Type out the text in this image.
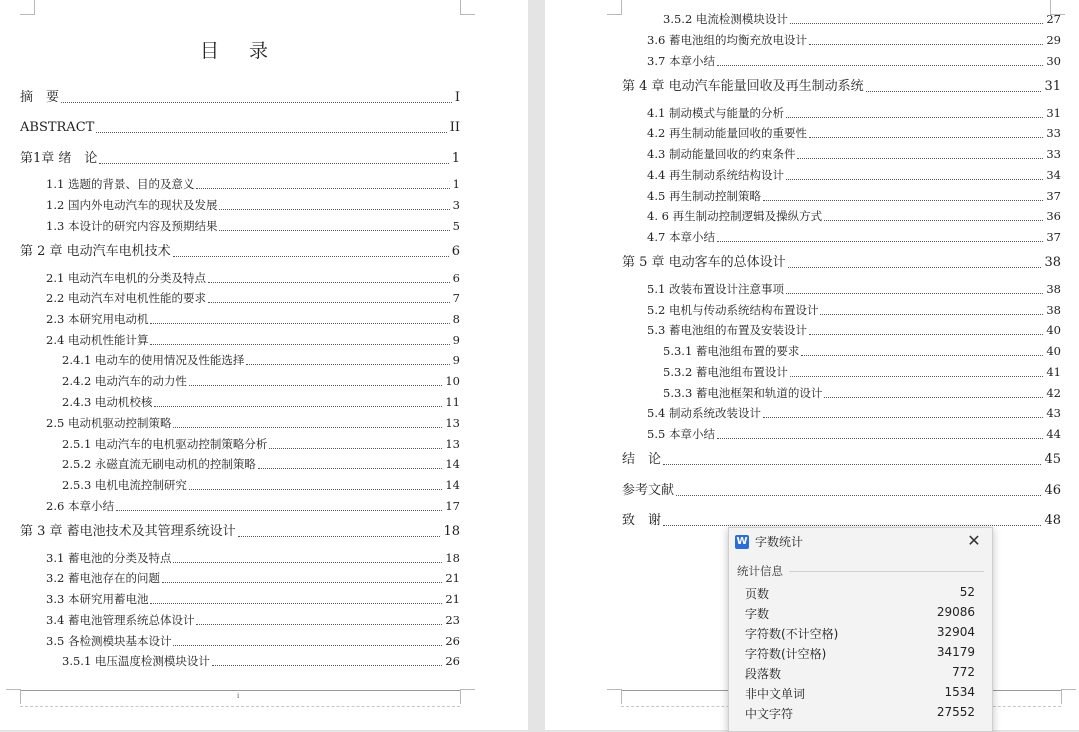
目 录
摘　要	I
ABSTRACT	II
第1章 绪　论	1
1.1 选题的背景、目的及意义	1
1.2 国内外电动汽车的现状及发展	3
1.3 本设计的研究内容及预期结果	5
第 2 章 电动汽车电机技术	6
2.1 电动汽车电机的分类及特点	6
2.2 电动汽车对电机性能的要求	7
2.3 本研究用电动机	8
2.4 电动机性能计算	9
2.4.1 电动车的使用情况及性能选择	9
2.4.2 电动汽车的动力性	10
2.4.3 电动机校核	11
2.5 电动机驱动控制策略	13
2.5.1 电动汽车的电机驱动控制策略分析	13
2.5.2 永磁直流无刷电动机的控制策略	14
2.5.3 电机电流控制研究	14
2.6 本章小结	17
第 3 章 蓄电池技术及其管理系统设计	18
3.1 蓄电池的分类及特点	18
3.2 蓄电池存在的问题	21
3.3 本研究用蓄电池	21
3.4 蓄电池管理系统总体设计	23
3.5 各检测模块基本设计	26
3.5.1 电压温度检测模块设计	26
i
3.5.2 电流检测模块设计	27
3.6 蓄电池组的均衡充放电设计	29
3.7 本章小结	30
第 4 章 电动汽车能量回收及再生制动系统	31
4.1 制动模式与能量的分析	31
4.2 再生制动能量回收的重要性	33
4.3 制动能量回收的约束条件	33
4.4 再生制动系统结构设计	34
4.5 再生制动控制策略	37
4. 6 再生制动控制逻辑及操纵方式	36
4.7 本章小结	37
第 5 章 电动客车的总体设计	38
5.1 改装布置设计注意事项	38
5.2 电机与传动系统结构布置设计	38
5.3 蓄电池组的布置及安装设计	40
5.3.1 蓄电池组布置的要求	40
5.3.2 蓄电池组布置设计	41
5.3.3 蓄电池框架和轨道的设计	42
5.4 制动系统改装设计	43
5.5 本章小结	44
结　论	45
参考文献	46
致　谢	48
W 字数统计	✕
统计信息
页数	52
字数	29086
字符数(不计空格)	32904
字符数(计空格)	34179
段落数	772
非中文单词	1534
中文字符	27552
